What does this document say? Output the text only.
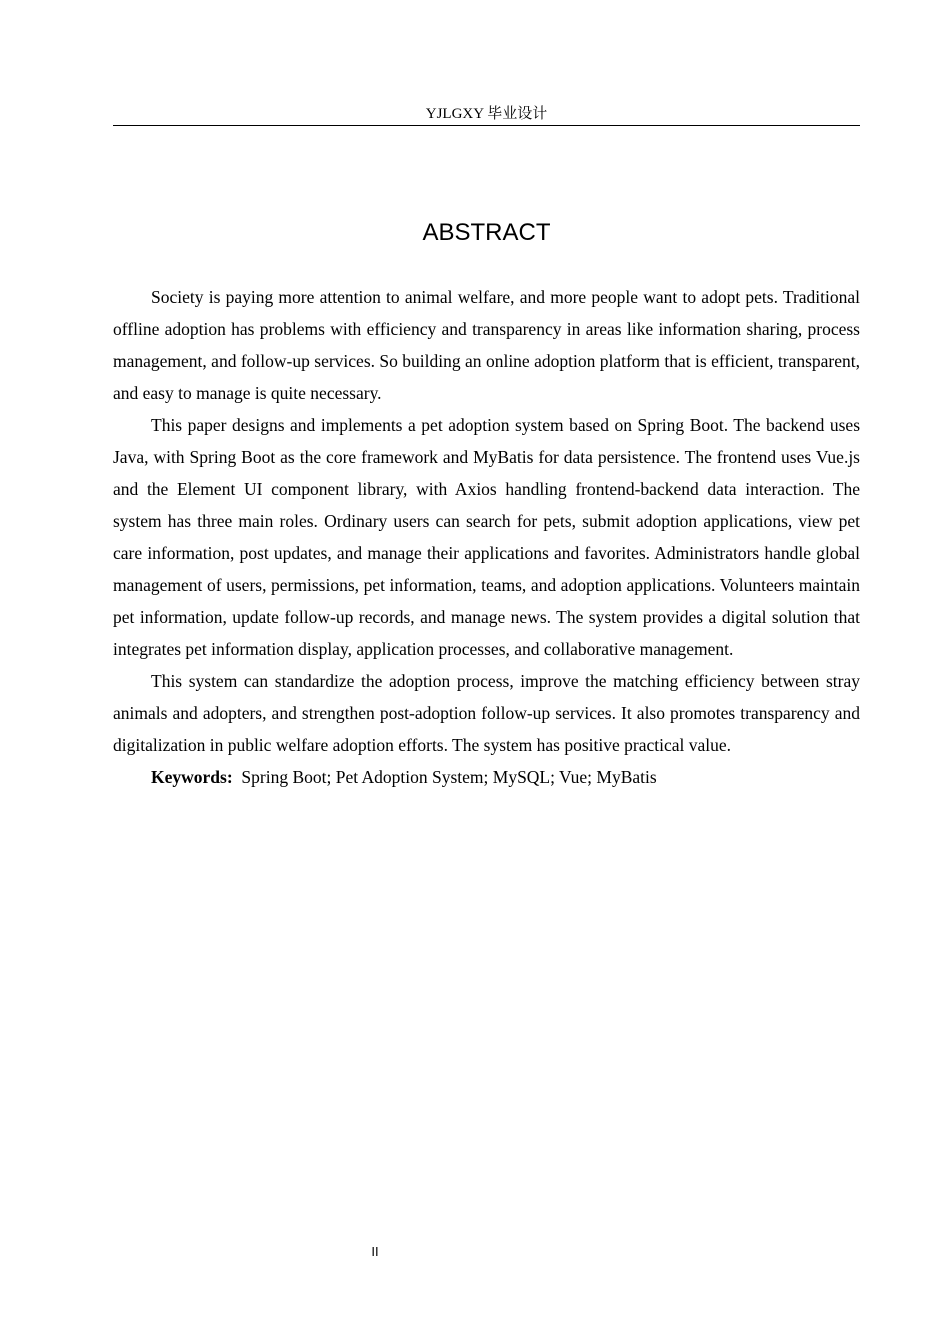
YJLGXY 毕业设计
ABSTRACT

Society is paying more attention to animal welfare, and more people want to adopt pets. Traditional offline adoption has problems with efficiency and transparency in areas like information sharing, process management, and follow-up services. So building an online adoption platform that is efficient, transparent, and easy to manage is quite necessary.

This paper designs and implements a pet adoption system based on Spring Boot. The backend uses Java, with Spring Boot as the core framework and MyBatis for data persistence. The frontend uses Vue.js and the Element UI component library, with Axios handling frontend-backend data interaction. The system has three main roles. Ordinary users can search for pets, submit adoption applications, view pet care information, post updates, and manage their applications and favorites. Administrators handle global management of users, permissions, pet information, teams, and adoption applications. Volunteers maintain pet information, update follow-up records, and manage news. The system provides a digital solution that integrates pet information display, application processes, and collaborative management.

This system can standardize the adoption process, improve the matching efficiency between stray animals and adopters, and strengthen post-adoption follow-up services. It also promotes transparency and digitalization in public welfare adoption efforts. The system has positive practical value.

Keywords: Spring Boot; Pet Adoption System; MySQL; Vue; MyBatis

II
